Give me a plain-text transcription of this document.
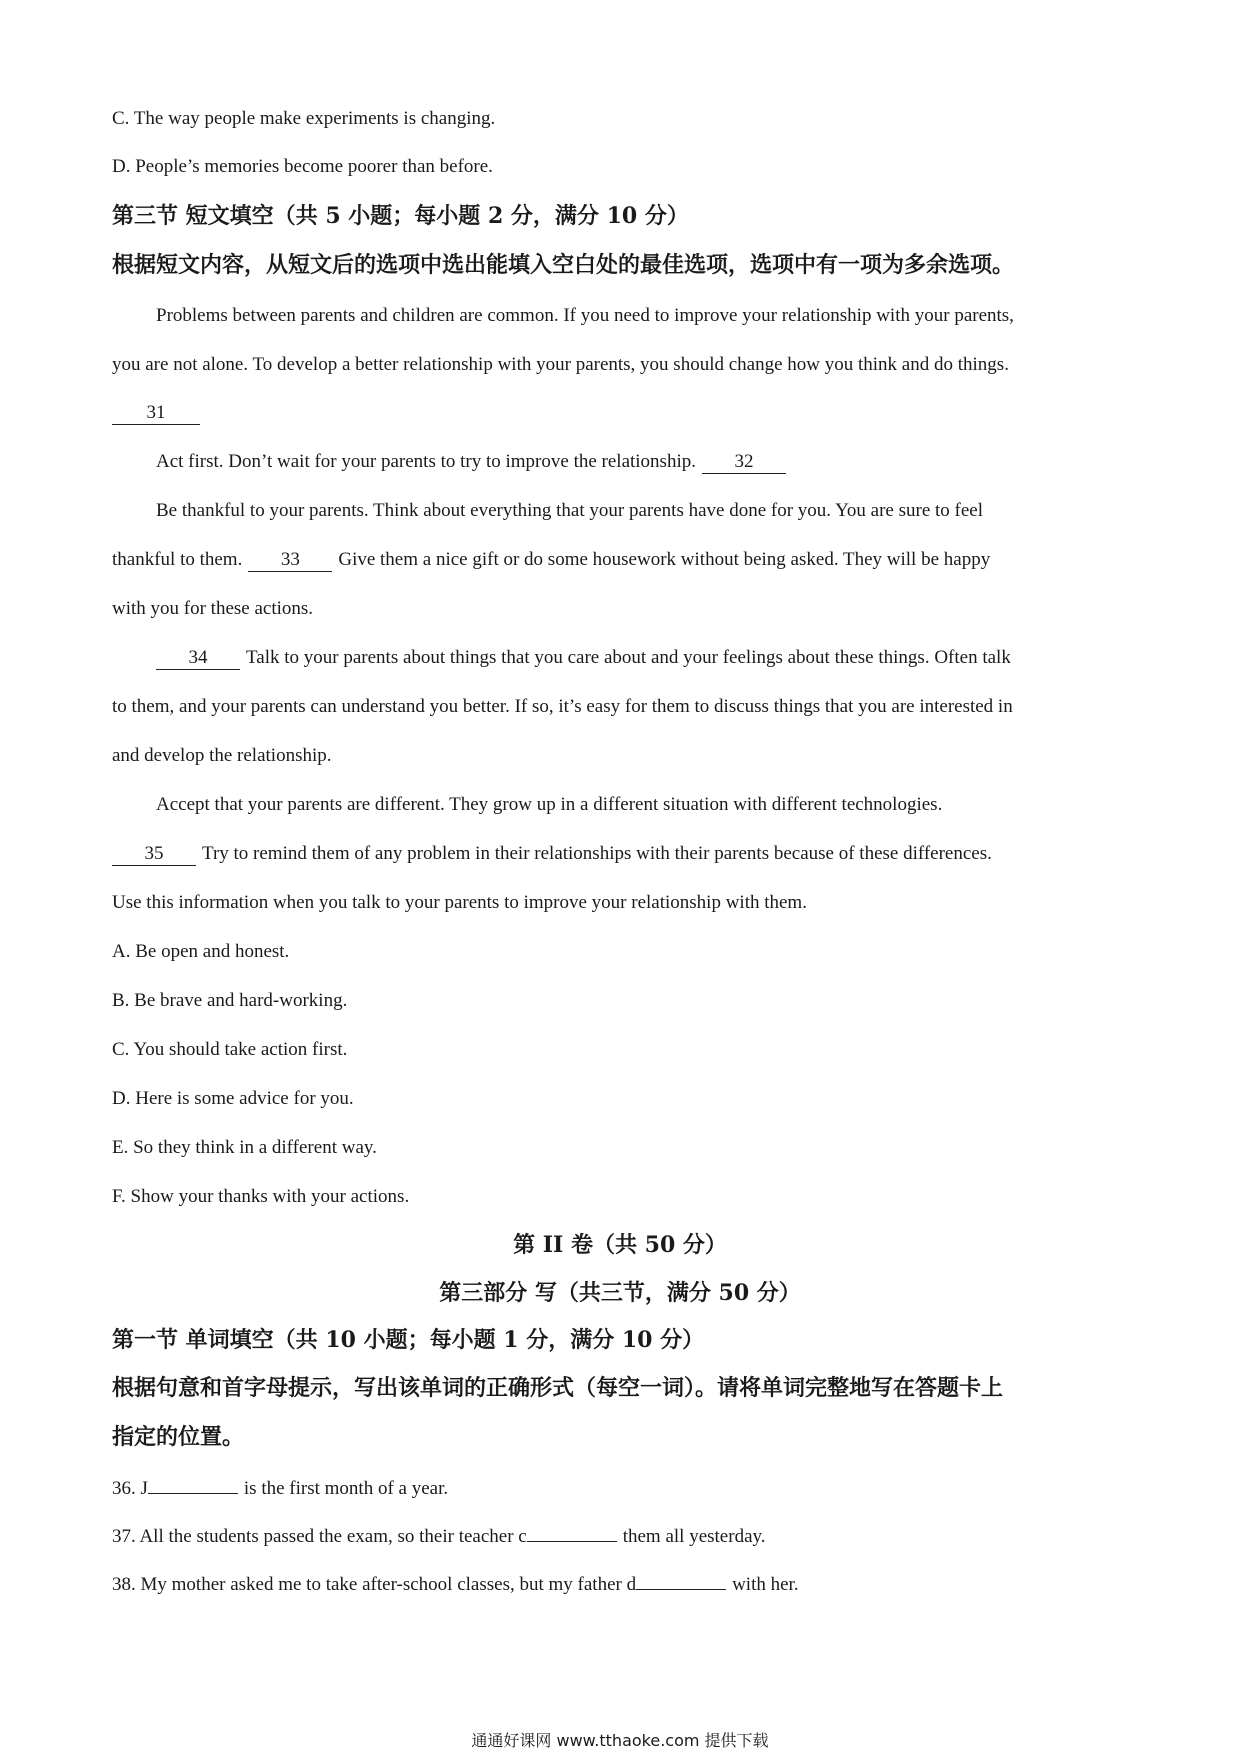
C. The way people make experiments is changing.
D. People’s memories become poorer than before.
第三节 短文填空（共 5 小题；每小题 2 分，满分 10 分）
根据短文内容，从短文后的选项中选出能填入空白处的最佳选项，选项中有一项为多余选项。
Problems between parents and children are common. If you need to improve your relationship with your parents,
you are not alone. To develop a better relationship with your parents, you should change how you think and do things.
31
Act first. Don’t wait for your parents to try to improve the relationship. 32
Be thankful to your parents. Think about everything that your parents have done for you. You are sure to feel
thankful to them. 33 Give them a nice gift or do some housework without being asked. They will be happy
with you for these actions.
34 Talk to your parents about things that you care about and your feelings about these things. Often talk
to them, and your parents can understand you better. If so, it’s easy for them to discuss things that you are interested in
and develop the relationship.
Accept that your parents are different. They grow up in a different situation with different technologies.
35 Try to remind them of any problem in their relationships with their parents because of these differences.
Use this information when you talk to your parents to improve your relationship with them.
A. Be open and honest.
B. Be brave and hard-working.
C. You should take action first.
D. Here is some advice for you.
E. So they think in a different way.
F. Show your thanks with your actions.
第 II 卷（共 50 分）
第三部分 写（共三节，满分 50 分）
第一节 单词填空（共 10 小题；每小题 1 分，满分 10 分）
根据句意和首字母提示，写出该单词的正确形式（每空一词）。请将单词完整地写在答题卡上
指定的位置。
36. J	is the first month of a year.
37. All the students passed the exam, so their teacher c	them all yesterday.
38. My mother asked me to take after-school classes, but my father d	with her.
通通好课网 www.tthaoke.com 提供下载
